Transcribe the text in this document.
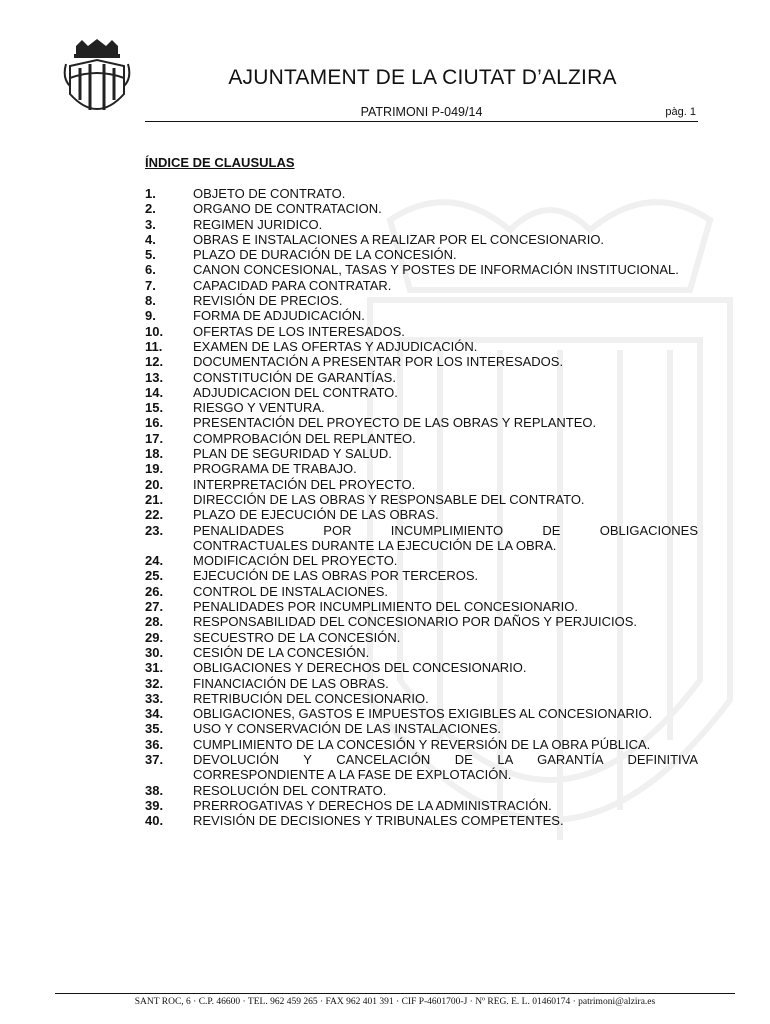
AJUNTAMENT DE LA CIUTAT D’ALZIRA
PATRIMONI P-049/14	pàg. 1
ÍNDICE DE CLAUSULAS
1.	OBJETO DE CONTRATO.
2.	ORGANO DE CONTRATACION.
3.	REGIMEN JURIDICO.
4.	OBRAS E INSTALACIONES A REALIZAR POR EL CONCESIONARIO.
5.	PLAZO DE DURACIÓN DE LA CONCESIÓN.
6.	CANON CONCESIONAL, TASAS Y POSTES DE INFORMACIÓN INSTITUCIONAL.
7.	CAPACIDAD PARA CONTRATAR.
8.	REVISIÓN DE PRECIOS.
9.	FORMA DE ADJUDICACIÓN.
10.	OFERTAS DE LOS INTERESADOS.
11.	EXAMEN DE LAS OFERTAS Y ADJUDICACIÓN.
12.	DOCUMENTACIÓN A PRESENTAR POR LOS INTERESADOS.
13.	CONSTITUCIÓN DE GARANTÍAS.
14.	ADJUDICACION DEL CONTRATO.
15.	RIESGO Y VENTURA.
16.	PRESENTACIÓN DEL PROYECTO DE LAS OBRAS Y REPLANTEO.
17.	COMPROBACIÓN DEL REPLANTEO.
18.	PLAN DE SEGURIDAD Y SALUD.
19.	PROGRAMA DE TRABAJO.
20.	INTERPRETACIÓN DEL PROYECTO.
21.	DIRECCIÓN DE LAS OBRAS Y RESPONSABLE DEL CONTRATO.
22.	PLAZO DE EJECUCIÓN DE LAS OBRAS.
23.	PENALIDADES POR INCUMPLIMIENTO DE OBLIGACIONES
CONTRACTUALES DURANTE LA EJECUCIÓN DE LA OBRA.
24.	MODIFICACIÓN DEL PROYECTO.
25.	EJECUCIÓN DE LAS OBRAS POR TERCEROS.
26.	CONTROL DE INSTALACIONES.
27.	PENALIDADES POR INCUMPLIMIENTO DEL CONCESIONARIO.
28.	RESPONSABILIDAD DEL CONCESIONARIO POR DAÑOS Y PERJUICIOS.
29.	SECUESTRO DE LA CONCESIÓN.
30.	CESIÓN DE LA CONCESIÓN.
31.	OBLIGACIONES Y DERECHOS DEL CONCESIONARIO.
32.	FINANCIACIÓN DE LAS OBRAS.
33.	RETRIBUCIÓN DEL CONCESIONARIO.
34.	OBLIGACIONES, GASTOS E IMPUESTOS EXIGIBLES AL CONCESIONARIO.
35.	USO Y CONSERVACIÓN DE LAS INSTALACIONES.
36.	CUMPLIMIENTO DE LA CONCESIÓN Y REVERSIÓN DE LA OBRA PÚBLICA.
37.	DEVOLUCIÓN Y CANCELACIÓN DE LA GARANTÍA DEFINITIVA
CORRESPONDIENTE A LA FASE DE EXPLOTACIÓN.
38.	RESOLUCIÓN DEL CONTRATO.
39.	PRERROGATIVAS Y DERECHOS DE LA ADMINISTRACIÓN.
40.	REVISIÓN DE DECISIONES Y TRIBUNALES COMPETENTES.
SANT ROC, 6 · C.P. 46600 · TEL. 962 459 265 · FAX 962 401 391 · CIF P-4601700-J · Nº REG. E. L. 01460174 · patrimoni@alzira.es
